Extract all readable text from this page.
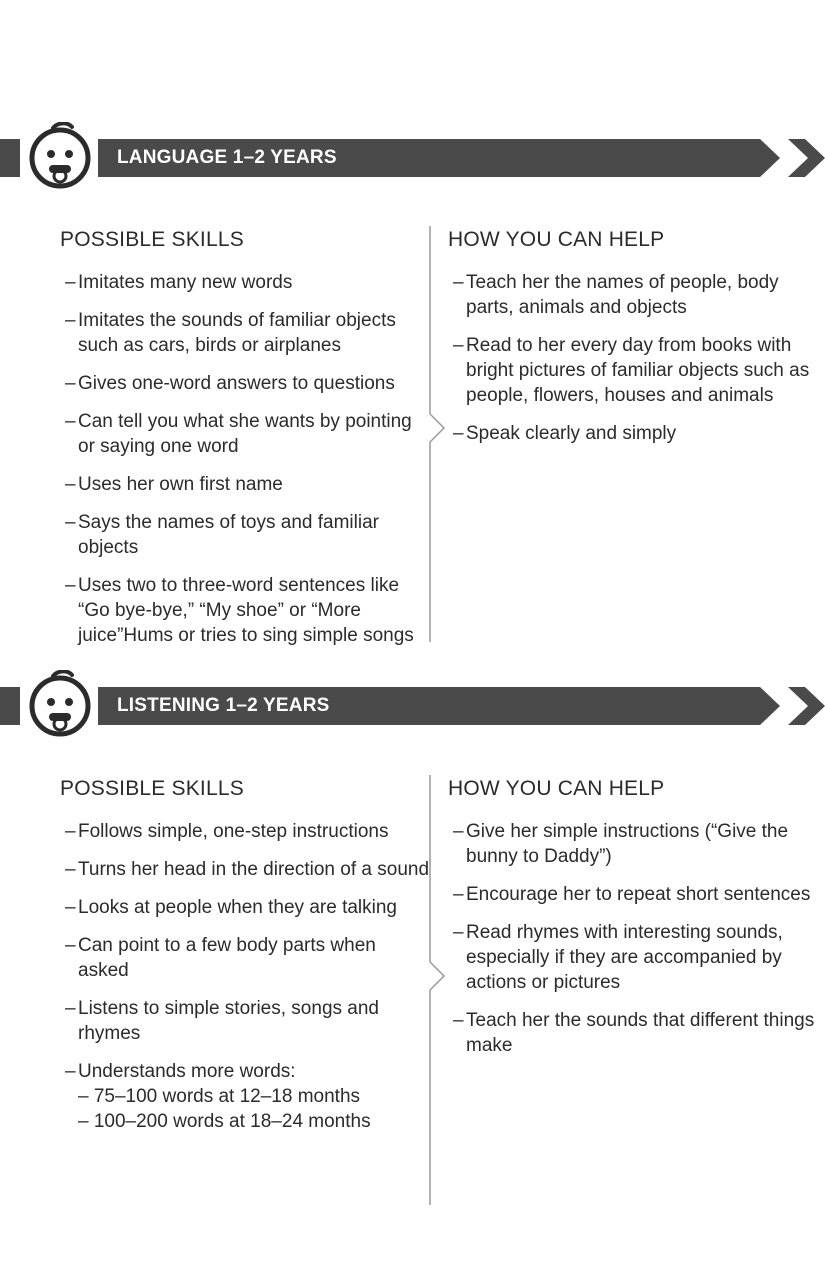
LANGUAGE 1–2 YEARS
POSSIBLE SKILLS
– Imitates many new words
– Imitates the sounds of familiar objects such as cars, birds or airplanes
– Gives one-word answers to questions
– Can tell you what she wants by pointing or saying one word
– Uses her own first name
– Says the names of toys and familiar objects
– Uses two to three-word sentences like “Go bye-bye,” “My shoe” or “More juice”Hums or tries to sing simple songs
HOW YOU CAN HELP
– Teach her the names of people, body parts, animals and objects
– Read to her every day from books with bright pictures of familiar objects such as people, flowers, houses and animals
– Speak clearly and simply
LISTENING 1–2 YEARS
POSSIBLE SKILLS
– Follows simple, one-step instructions
– Turns her head in the direction of a sound
– Looks at people when they are talking
– Can point to a few body parts when asked
– Listens to simple stories, songs and rhymes
– Understands more words:
– 75–100 words at 12–18 months
– 100–200 words at 18–24 months
HOW YOU CAN HELP
– Give her simple instructions (“Give the bunny to Daddy”)
– Encourage her to repeat short sentences
– Read rhymes with interesting sounds, especially if they are accompanied by actions or pictures
– Teach her the sounds that different things make
